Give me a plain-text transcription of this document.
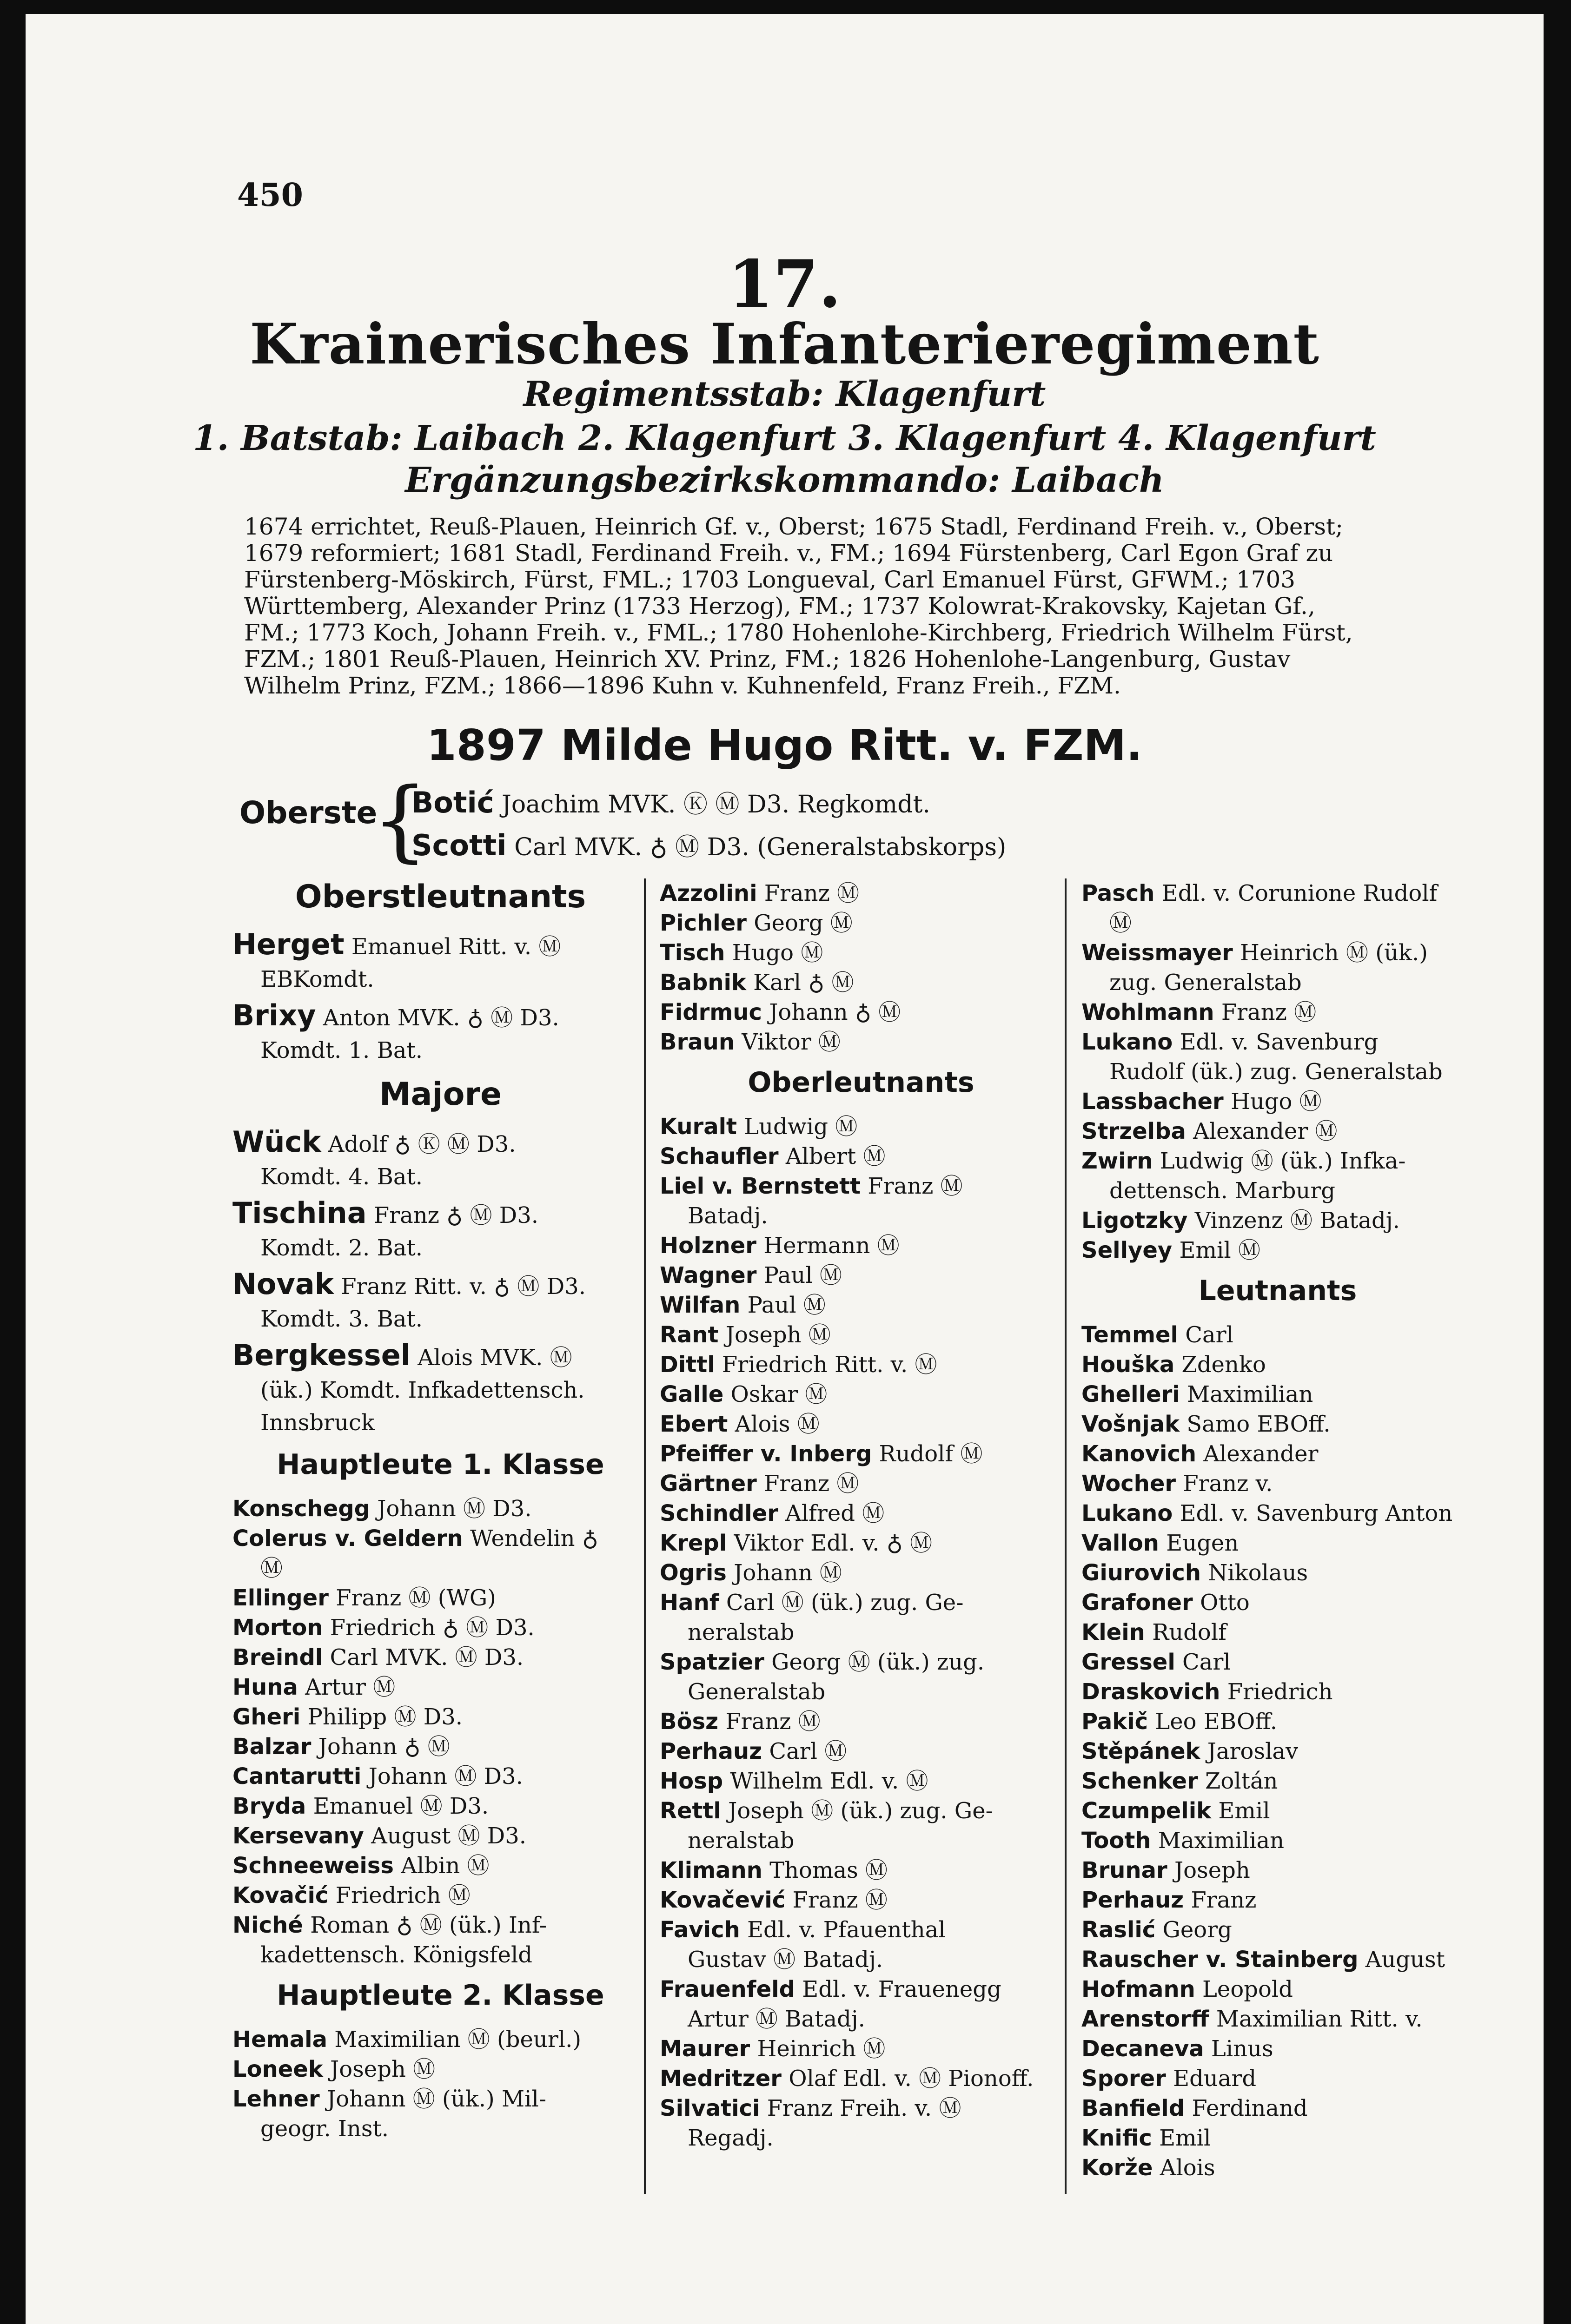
450
17.
Krainerisches Infanterieregiment
Regimentsstab: Klagenfurt
1. Batstab: Laibach 2. Klagenfurt 3. Klagenfurt 4. Klagenfurt
Ergänzungsbezirkskommando: Laibach

1674 errichtet, Reuß-Plauen, Heinrich Gf. v., Oberst; 1675 Stadl, Ferdinand Freih. v., Oberst;

1679 reformiert; 1681 Stadl, Ferdinand Freih. v., FM.; 1694 Fürstenberg, Carl Egon Graf zu

Fürstenberg-Möskirch, Fürst, FML.; 1703 Longueval, Carl Emanuel Fürst, GFWM.; 1703

Württemberg, Alexander Prinz (1733 Herzog), FM.; 1737 Kolowrat-Krakovsky, Kajetan Gf.,

FM.; 1773 Koch, Johann Freih. v., FML.; 1780 Hohenlohe-Kirchberg, Friedrich Wilhelm Fürst,

FZM.; 1801 Reuß-Plauen, Heinrich XV. Prinz, FM.; 1826 Hohenlohe-Langenburg, Gustav

Wilhelm Prinz, FZM.; 1866—1896 Kuhn v. Kuhnenfeld, Franz Freih., FZM.

1897 Milde Hugo Ritt. v. FZM.
Oberste
{
Botić Joachim MVK. Ⓚ Ⓜ D3. Regkomdt.
Scotti Carl MVK. ♁ Ⓜ D3. (Generalstabskorps)
Oberstleutnants
Herget Emanuel Ritt. v. Ⓜ
EBKomdt.
Brixy Anton MVK. ♁ Ⓜ D3.
Komdt. 1. Bat.
Majore
Wück Adolf ♁ Ⓚ Ⓜ D3.
Komdt. 4. Bat.
Tischina Franz ♁ Ⓜ D3.
Komdt. 2. Bat.
Novak Franz Ritt. v. ♁ Ⓜ D3.
Komdt. 3. Bat.
Bergkessel Alois MVK. Ⓜ
(ük.) Komdt. Infkadettensch.
Innsbruck
Hauptleute 1. Klasse
Konschegg Johann Ⓜ D3.
Colerus v. Geldern Wendelin ♁
Ⓜ
Ellinger Franz Ⓜ (WG)
Morton Friedrich ♁ Ⓜ D3.
Breindl Carl MVK. Ⓜ D3.
Huna Artur Ⓜ
Gheri Philipp Ⓜ D3.
Balzar Johann ♁ Ⓜ
Cantarutti Johann Ⓜ D3.
Bryda Emanuel Ⓜ D3.
Kersevany August Ⓜ D3.
Schneeweiss Albin Ⓜ
Kovačić Friedrich Ⓜ
Niché Roman ♁ Ⓜ (ük.) Inf-
kadettensch. Königsfeld
Hauptleute 2. Klasse
Hemala Maximilian Ⓜ (beurl.)
Loneek Joseph Ⓜ
Lehner Johann Ⓜ (ük.) Mil-
geogr. Inst.
Azzolini Franz Ⓜ
Pichler Georg Ⓜ
Tisch Hugo Ⓜ
Babnik Karl ♁ Ⓜ
Fidrmuc Johann ♁ Ⓜ
Braun Viktor Ⓜ
Oberleutnants
Kuralt Ludwig Ⓜ
Schaufler Albert Ⓜ
Liel v. Bernstett Franz Ⓜ
Batadj.
Holzner Hermann Ⓜ
Wagner Paul Ⓜ
Wilfan Paul Ⓜ
Rant Joseph Ⓜ
Dittl Friedrich Ritt. v. Ⓜ
Galle Oskar Ⓜ
Ebert Alois Ⓜ
Pfeiffer v. Inberg Rudolf Ⓜ
Gärtner Franz Ⓜ
Schindler Alfred Ⓜ
Krepl Viktor Edl. v. ♁ Ⓜ
Ogris Johann Ⓜ
Hanf Carl Ⓜ (ük.) zug. Ge-
neralstab
Spatzier Georg Ⓜ (ük.) zug.
Generalstab
Bösz Franz Ⓜ
Perhauz Carl Ⓜ
Hosp Wilhelm Edl. v. Ⓜ
Rettl Joseph Ⓜ (ük.) zug. Ge-
neralstab
Klimann Thomas Ⓜ
Kovačević Franz Ⓜ
Favich Edl. v. Pfauenthal
Gustav Ⓜ Batadj.
Frauenfeld Edl. v. Frauenegg
Artur Ⓜ Batadj.
Maurer Heinrich Ⓜ
Medritzer Olaf Edl. v. Ⓜ Pionoff.
Silvatici Franz Freih. v. Ⓜ
Regadj.
Pasch Edl. v. Corunione Rudolf
Ⓜ
Weissmayer Heinrich Ⓜ (ük.)
zug. Generalstab
Wohlmann Franz Ⓜ
Lukano Edl. v. Savenburg
Rudolf (ük.) zug. Generalstab
Lassbacher Hugo Ⓜ
Strzelba Alexander Ⓜ
Zwirn Ludwig Ⓜ (ük.) Infka-
dettensch. Marburg
Ligotzky Vinzenz Ⓜ Batadj.
Sellyey Emil Ⓜ
Leutnants
Temmel Carl
Houška Zdenko
Ghelleri Maximilian
Vošnjak Samo EBOff.
Kanovich Alexander
Wocher Franz v.
Lukano Edl. v. Savenburg Anton
Vallon Eugen
Giurovich Nikolaus
Grafoner Otto
Klein Rudolf
Gressel Carl
Draskovich Friedrich
Pakič Leo EBOff.
Stěpánek Jaroslav
Schenker Zoltán
Czumpelik Emil
Tooth Maximilian
Brunar Joseph
Perhauz Franz
Raslić Georg
Rauscher v. Stainberg August
Hofmann Leopold
Arenstorff Maximilian Ritt. v.
Decaneva Linus
Sporer Eduard
Banfield Ferdinand
Knific Emil
Korže Alois
